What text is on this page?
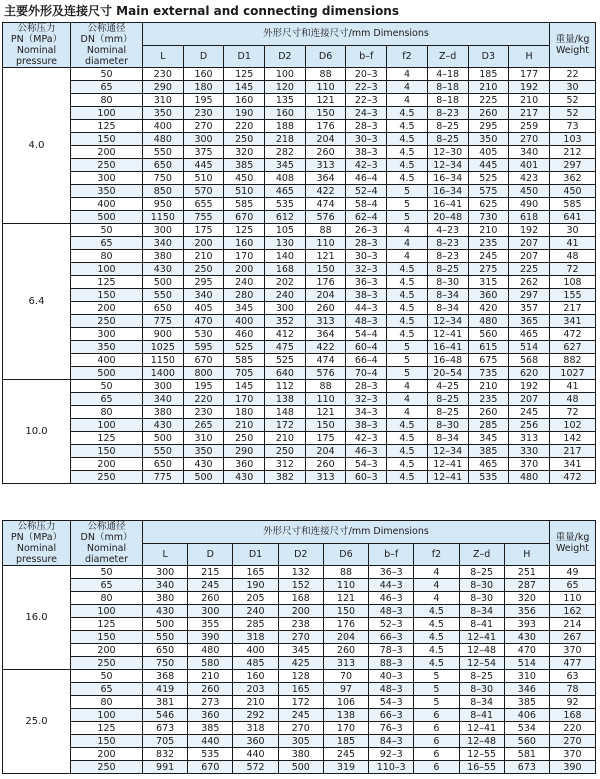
主要外形及连接尺寸 Main external and connecting dimensions
公称压力
PN（MPa）
Nominal
pressure	公称通径
DN（mm）
Nominal
diameter	外形尺寸和连接尺寸/mm Dimensions										重量/kg
Weight

		L	D	D1	D2	D6	b–f	f2	Z–d	D3	H	
4.0	50	230	160	125	100	88	20–3	4	4–18	185	177	22
	65	290	180	145	120	110	22–3	4	8–18	210	192	30
	80	310	195	160	135	121	22–3	4	8–18	225	210	52
	100	350	230	190	160	150	24–3	4.5	8–23	260	217	52
	125	400	270	220	188	176	28–3	4.5	8–25	295	259	73
	150	480	300	250	218	204	30–3	4.5	8–25	350	270	103
	200	550	375	320	282	260	38–3	4.5	12–30	405	340	212
	250	650	445	385	345	313	42–3	4.5	12–34	445	401	297
	300	750	510	450	408	364	46–4	4.5	16–34	525	423	362
	350	850	570	510	465	422	52–4	5	16–34	575	450	450
	400	950	655	585	535	474	58–4	5	16–41	625	490	585
	500	1150	755	670	612	576	62–4	5	20–48	730	618	641
6.4	50	300	175	125	105	88	26–3	4	4–23	210	192	30
	65	340	200	160	130	110	28–3	4	8–23	235	207	41
	80	380	210	170	140	121	30–3	4	8–23	245	207	48
	100	430	250	200	168	150	32–3	4.5	8–25	275	225	72
	125	500	295	240	202	176	36–3	4.5	8–30	315	262	108
	150	550	340	280	240	204	38–3	4.5	8–34	360	297	155
	200	650	405	345	300	260	44–3	4.5	8–34	420	357	217
	250	775	470	400	352	313	48–3	4.5	12–34	480	365	341
	300	900	530	460	412	364	54–4	4.5	12–41	560	465	472
	350	1025	595	525	475	422	60–4	5	16–41	615	514	627
	400	1150	670	585	525	474	66–4	5	16–48	675	568	882
	500	1400	800	705	640	576	70–4	5	20–54	735	620	1027
10.0	50	300	195	145	112	88	28–3	4	4–25	210	192	41
	65	340	220	170	138	110	32–3	4	8–25	235	207	48
	80	380	230	180	148	121	34–3	4	8–25	260	245	72
	100	430	265	210	172	150	38–3	4.5	8–30	285	256	102
	125	500	310	250	210	175	42–3	4.5	8–34	345	313	142
	150	550	350	290	250	204	46–3	4.5	12–34	385	330	217
	200	650	430	360	312	260	54–3	4.5	12–41	465	370	341
	250	775	500	430	382	313	60–3	4.5	12–41	535	480	472
公称压力
PN（MPa）
Nominal
pressure	公称通径
DN（mm）
Nominal
diameter	外形尺寸和连接尺寸/mm Dimensions									重量/kg
Weight

		L	D	D1	D2	D6	b–f	f2	Z–d	H	
16.0	50	300	215	165	132	88	36–3	4	8–25	251	49
	65	340	245	190	152	110	44–3	4	8–30	287	65
	80	380	260	205	168	121	46–3	4	8–30	320	110
	100	430	300	240	200	150	48–3	4.5	8–34	356	162
	125	500	355	285	238	176	52–3	4.5	8–41	393	214
	150	550	390	318	270	204	66–3	4.5	12–41	430	267
	200	650	480	400	345	260	78–3	4.5	12–48	470	370
	250	750	580	485	425	313	88–3	4.5	12–54	514	477
25.0	50	368	210	160	128	70	40–3	5	8–25	310	63
	65	419	260	203	165	97	48–3	5	8–30	346	78
	80	381	273	210	172	106	54–3	5	8–34	385	92
	100	546	360	292	245	138	66–3	6	8–41	406	168
	125	673	385	318	270	170	76–3	6	12–41	534	220
	150	705	440	360	305	185	84–3	6	12–48	560	270
	200	832	535	440	380	245	92–3	6	12–55	581	370
	250	991	670	572	500	319	110–3	6	16–55	673	390
